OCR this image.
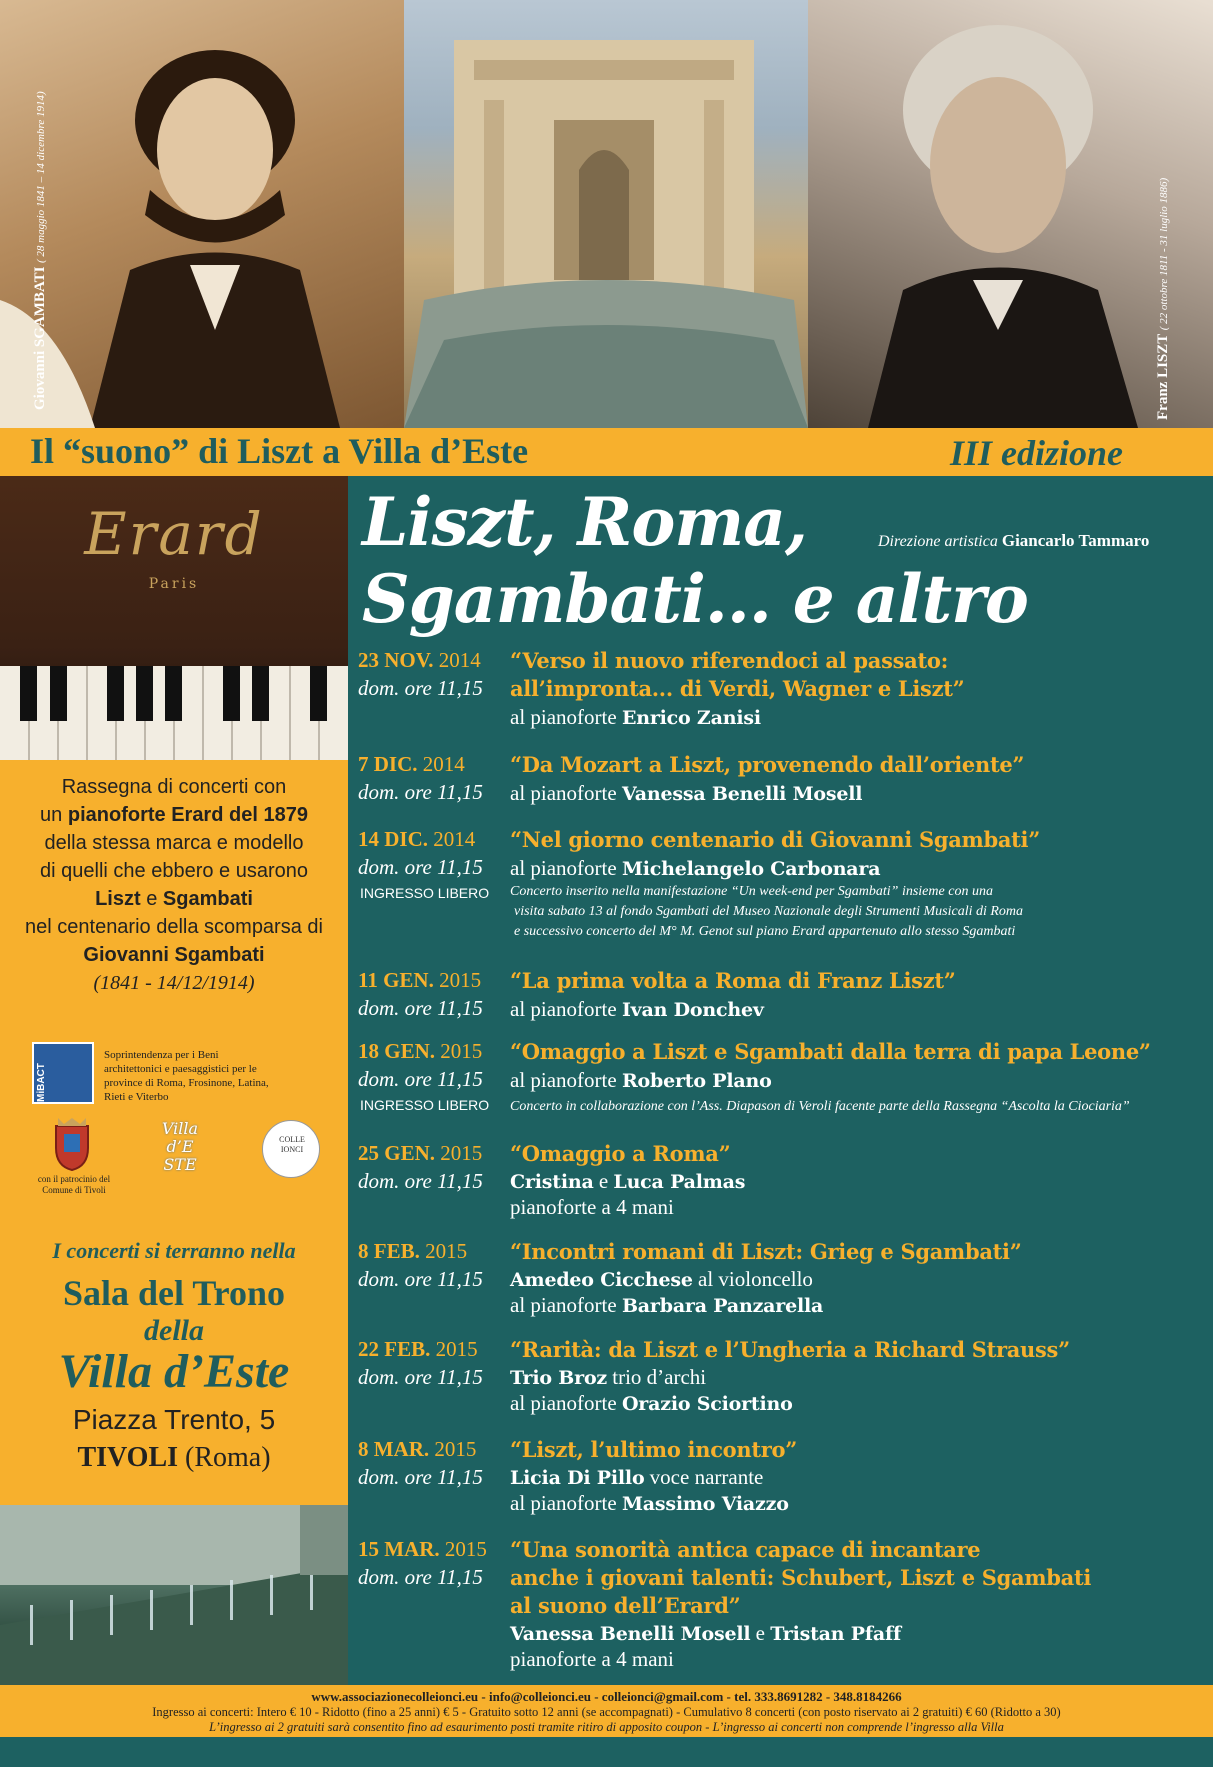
Giovanni SGAMBATI ( 28 maggio 1841 – 14 dicembre 1914)
Franz LISZT ( 22 ottobre 1811 - 31 luglio 1886)
Il “suono” di Liszt a Villa d’Este	III edizione
Erard
Paris
Rassegna di concerti con
un pianoforte Erard del 1879
della stessa marca e modello
di quelli che ebbero e usarono
Liszt e Sgambati
nel centenario della scomparsa di
Giovanni Sgambati
(1841 - 14/12/1914)
MiBACT
Soprintendenza per i Beni
architettonici e paesaggistici per le
province di Roma, Frosinone, Latina,
Rieti e Viterbo
con il patrocinio del
Comune di Tivoli
Villa
d’E
STE
COLLE
IONCI
I concerti si terranno nella
Sala del Trono
della
Villa d’Este
Piazza Trento, 5
TIVOLI (Roma)
Liszt, Roma,
Sgambati... e altro
Direzione artistica Giancarlo Tammaro
23 NOV. 2014
dom. ore 11,15
“Verso il nuovo riferendoci al passato:
all’impronta... di Verdi, Wagner e Liszt”
al pianoforte Enrico Zanisi
7 DIC. 2014
dom. ore 11,15
“Da Mozart a Liszt, provenendo dall’oriente”
al pianoforte Vanessa Benelli Mosell
14 DIC. 2014
dom. ore 11,15
INGRESSO LIBERO
“Nel giorno centenario di Giovanni Sgambati”
al pianoforte Michelangelo Carbonara
Concerto inserito nella manifestazione “Un week-end per Sgambati” insieme con una
visita sabato 13 al fondo Sgambati del Museo Nazionale degli Strumenti Musicali di Roma
e successivo concerto del M° M. Genot sul piano Erard appartenuto allo stesso Sgambati
11 GEN. 2015
dom. ore 11,15
“La prima volta a Roma di Franz Liszt”
al pianoforte Ivan Donchev
18 GEN. 2015
dom. ore 11,15
INGRESSO LIBERO
“Omaggio a Liszt e Sgambati dalla terra di papa Leone”
al pianoforte Roberto Plano
Concerto in collaborazione con l’Ass. Diapason di Veroli facente parte della Rassegna “Ascolta la Ciociaria”
25 GEN. 2015
dom. ore 11,15
“Omaggio a Roma”
Cristina e Luca Palmas
pianoforte a 4 mani
8 FEB. 2015
dom. ore 11,15
“Incontri romani di Liszt: Grieg e Sgambati”
Amedeo Cicchese al violoncello
al pianoforte Barbara Panzarella
22 FEB. 2015
dom. ore 11,15
“Rarità: da Liszt e l’Ungheria a Richard Strauss”
Trio Broz trio d’archi
al pianoforte Orazio Sciortino
8 MAR. 2015
dom. ore 11,15
“Liszt, l’ultimo incontro”
Licia Di Pillo voce narrante
al pianoforte Massimo Viazzo
15 MAR. 2015
dom. ore 11,15
“Una sonorità antica capace di incantare
anche i giovani talenti: Schubert, Liszt e Sgambati
al suono dell’Erard”
Vanessa Benelli Mosell e Tristan Pfaff
pianoforte a 4 mani
www.associazionecolleionci.eu - info@colleionci.eu - colleionci@gmail.com - tel. 333.8691282 - 348.8184266
Ingresso ai concerti: Intero € 10 - Ridotto (fino a 25 anni) € 5 - Gratuito sotto 12 anni (se accompagnati) - Cumulativo 8 concerti (con posto riservato ai 2 gratuiti) € 60 (Ridotto a 30)
L’ingresso ai 2 gratuiti sarà consentito fino ad esaurimento posti tramite ritiro di apposito coupon - L’ingresso ai concerti non comprende l’ingresso alla Villa
